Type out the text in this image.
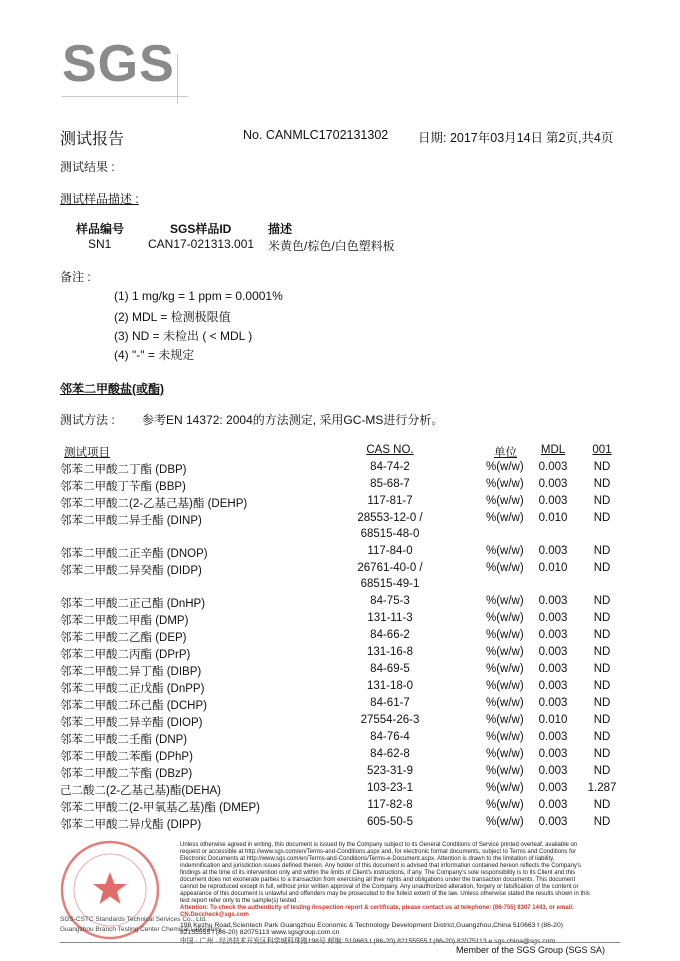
SGS
测试报告	No. CANMLC1702131302 日期: 2017年03月14日 第2页,共4页
测试结果 :
测试样品描述 :
样品编号	SGS样品ID	描述
SN1	CAN17-021313.001 米黄色/棕色/白色塑料板
备注 :
(1) 1 mg/kg = 1 ppm = 0.0001%
(2) MDL = 检测极限值
(3) ND = 未检出 ( < MDL )
(4) "-" = 未规定
邻苯二甲酸盐(或酯)
测试方法 : 参考EN 14372: 2004的方法测定, 采用GC-MS进行分析。
测试项目	CAS NO.	单位	MDL	001
邻苯二甲酸二丁酯 (DBP)	84-74-2	%(w/w)	0.003	ND
邻苯二甲酸丁苄酯 (BBP)	85-68-7	%(w/w)	0.003	ND
邻苯二甲酸二(2-乙基己基)酯 (DEHP)	117-81-7	%(w/w)	0.003	ND
邻苯二甲酸二异壬酯 (DINP)	28553-12-0 /	%(w/w)	0.010	ND
68515-48-0
邻苯二甲酸二正辛酯 (DNOP)	117-84-0	%(w/w)	0.003	ND
邻苯二甲酸二异癸酯 (DIDP)	26761-40-0 /	%(w/w)	0.010	ND
68515-49-1
邻苯二甲酸二正己酯 (DnHP)	84-75-3	%(w/w)	0.003	ND
邻苯二甲酸二甲酯 (DMP)	131-11-3	%(w/w)	0.003	ND
邻苯二甲酸二乙酯 (DEP)	84-66-2	%(w/w)	0.003	ND
邻苯二甲酸二丙酯 (DPrP)	131-16-8	%(w/w)	0.003	ND
邻苯二甲酸二异丁酯 (DIBP)	84-69-5	%(w/w)	0.003	ND
邻苯二甲酸二正戊酯 (DnPP)	131-18-0	%(w/w)	0.003	ND
邻苯二甲酸二环己酯 (DCHP)	84-61-7	%(w/w)	0.003	ND
邻苯二甲酸二异辛酯 (DIOP)	27554-26-3	%(w/w)	0.010	ND
邻苯二甲酸二壬酯 (DNP)	84-76-4	%(w/w)	0.003	ND
邻苯二甲酸二苯酯 (DPhP)	84-62-8	%(w/w)	0.003	ND
邻苯二甲酸二苄酯 (DBzP)	523-31-9	%(w/w)	0.003	ND
己二酸二(2-乙基己基)酯(DEHA)	103-23-1	%(w/w)	0.003	1.287
邻苯二甲酸二(2-甲氧基乙基)酯 (DMEP)	117-82-8	%(w/w)	0.003	ND
邻苯二甲酸二异戊酯 (DIPP)	605-50-5	%(w/w)	0.003	ND
SGS-CSTC Standards Technical Services Co., Ltd.
Guangzhou Branch Testing Center Chemical Laboratory
Unless otherwise agreed in writing, this document is issued by the Company subject to its General Conditions of Service printed overleaf, available on request or accessible at http://www.sgs.com/en/Terms-and-Conditions.aspx and, for electronic format documents, subject to Terms and Conditions for Electronic Documents at http://www.sgs.com/en/Terms-and-Conditions/Terms-e-Document.aspx. Attention is drawn to the limitation of liability, indemnification and jurisdiction issues defined therein. Any holder of this document is advised that information contained hereon reflects the Company's findings at the time of its intervention only and within the limits of Client's instructions, if any. The Company's sole responsibility is to its Client and this document does not exonerate parties to a transaction from exercising all their rights and obligations under the transaction documents. This document cannot be reproduced except in full, without prior written approval of the Company. Any unauthorized alteration, forgery or falsification of the content or appearance of this document is unlawful and offenders may be prosecuted to the fullest extent of the law. Unless otherwise stated the results shown in this test report refer only to the sample(s) tested .
Attention: To check the authenticity of testing /inspection report & certificate, please contact us at telephone: (86-755) 8307 1443, or email: CN.Doccheck@sgs.com
198 Kezhu Road,Scientech Park Guangzhou Economic & Technology Development District,Guangzhou,China 510663 t (86-20) 82155555 f (86-20) 82075113 www.sgsgroup.com.cn
Member of the SGS Group (SGS SA)
